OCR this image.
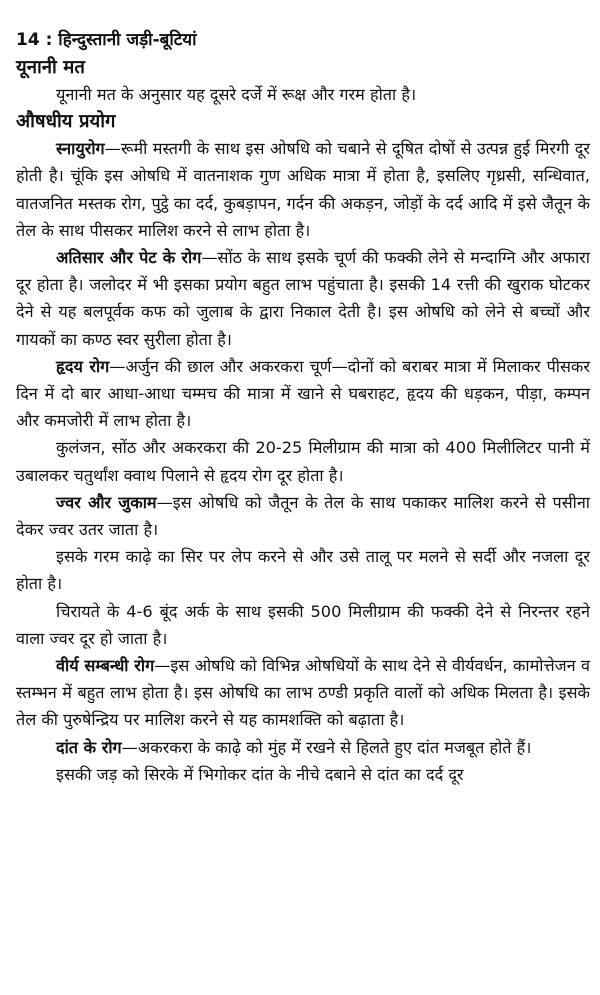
14 : हिन्दुस्तानी जड़ी-बूटियां
यूनानी मत

यूनानी मत के अनुसार यह दूसरे दर्जे में रूक्ष और गरम होता है।

औषधीय प्रयोग

स्नायुरोग—रूमी मस्तगी के साथ इस ओषधि को चबाने से दूषित दोषों से उत्पन्न हुई मिरगी दूर होती है। चूंकि इस ओषधि में वातनाशक गुण अधिक मात्रा में होता है, इसलिए गृध्रसी, सन्धिवात, वातजनित मस्तक रोग, पुट्ठे का दर्द, कुबड़ापन, गर्दन की अकड़न, जोड़ों के दर्द आदि में इसे जैतून के तेल के साथ पीसकर मालिश करने से लाभ होता है।

अतिसार और पेट के रोग—सोंठ के साथ इसके चूर्ण की फक्की लेने से मन्दाग्नि और अफारा दूर होता है। जलोदर में भी इसका प्रयोग बहुत लाभ पहुंचाता है। इसकी 14 रत्ती की खुराक घोटकर देने से यह बलपूर्वक कफ को जुलाब के द्वारा निकाल देती है। इस ओषधि को लेने से बच्चों और गायकों का कण्ठ स्वर सुरीला होता है।

हृदय रोग—अर्जुन की छाल और अकरकरा चूर्ण—दोनों को बराबर मात्रा में मिलाकर पीसकर दिन में दो बार आधा-आधा चम्मच की मात्रा में खाने से घबराहट, हृदय की धड़कन, पीड़ा, कम्पन और कमजोरी में लाभ होता है।

कुलंजन, सोंठ और अकरकरा की 20-25 मिलीग्राम की मात्रा को 400 मिलीलिटर पानी में उबालकर चतुर्थांश क्वाथ पिलाने से हृदय रोग दूर होता है।

ज्वर और जुकाम—इस ओषधि को जैतून के तेल के साथ पकाकर मालिश करने से पसीना देकर ज्वर उतर जाता है।

इसके गरम काढ़े का सिर पर लेप करने से और उसे तालू पर मलने से सर्दी और नजला दूर होता है।

चिरायते के 4-6 बूंद अर्क के साथ इसकी 500 मिलीग्राम की फक्की देने से निरन्तर रहने वाला ज्वर दूर हो जाता है।

वीर्य सम्बन्धी रोग—इस ओषधि को विभिन्न ओषधियों के साथ देने से वीर्यवर्धन, कामोत्तेजन व स्तम्भन में बहुत लाभ होता है। इस ओषधि का लाभ ठण्डी प्रकृति वालों को अधिक मिलता है। इसके तेल की पुरुषेन्द्रिय पर मालिश करने से यह कामशक्ति को बढ़ाता है।

दांत के रोग—अकरकरा के काढ़े को मुंह में रखने से हिलते हुए दांत मजबूत होते हैं।

इसकी जड़ को सिरके में भिगोकर दांत के नीचे दबाने से दांत का दर्द दूर
